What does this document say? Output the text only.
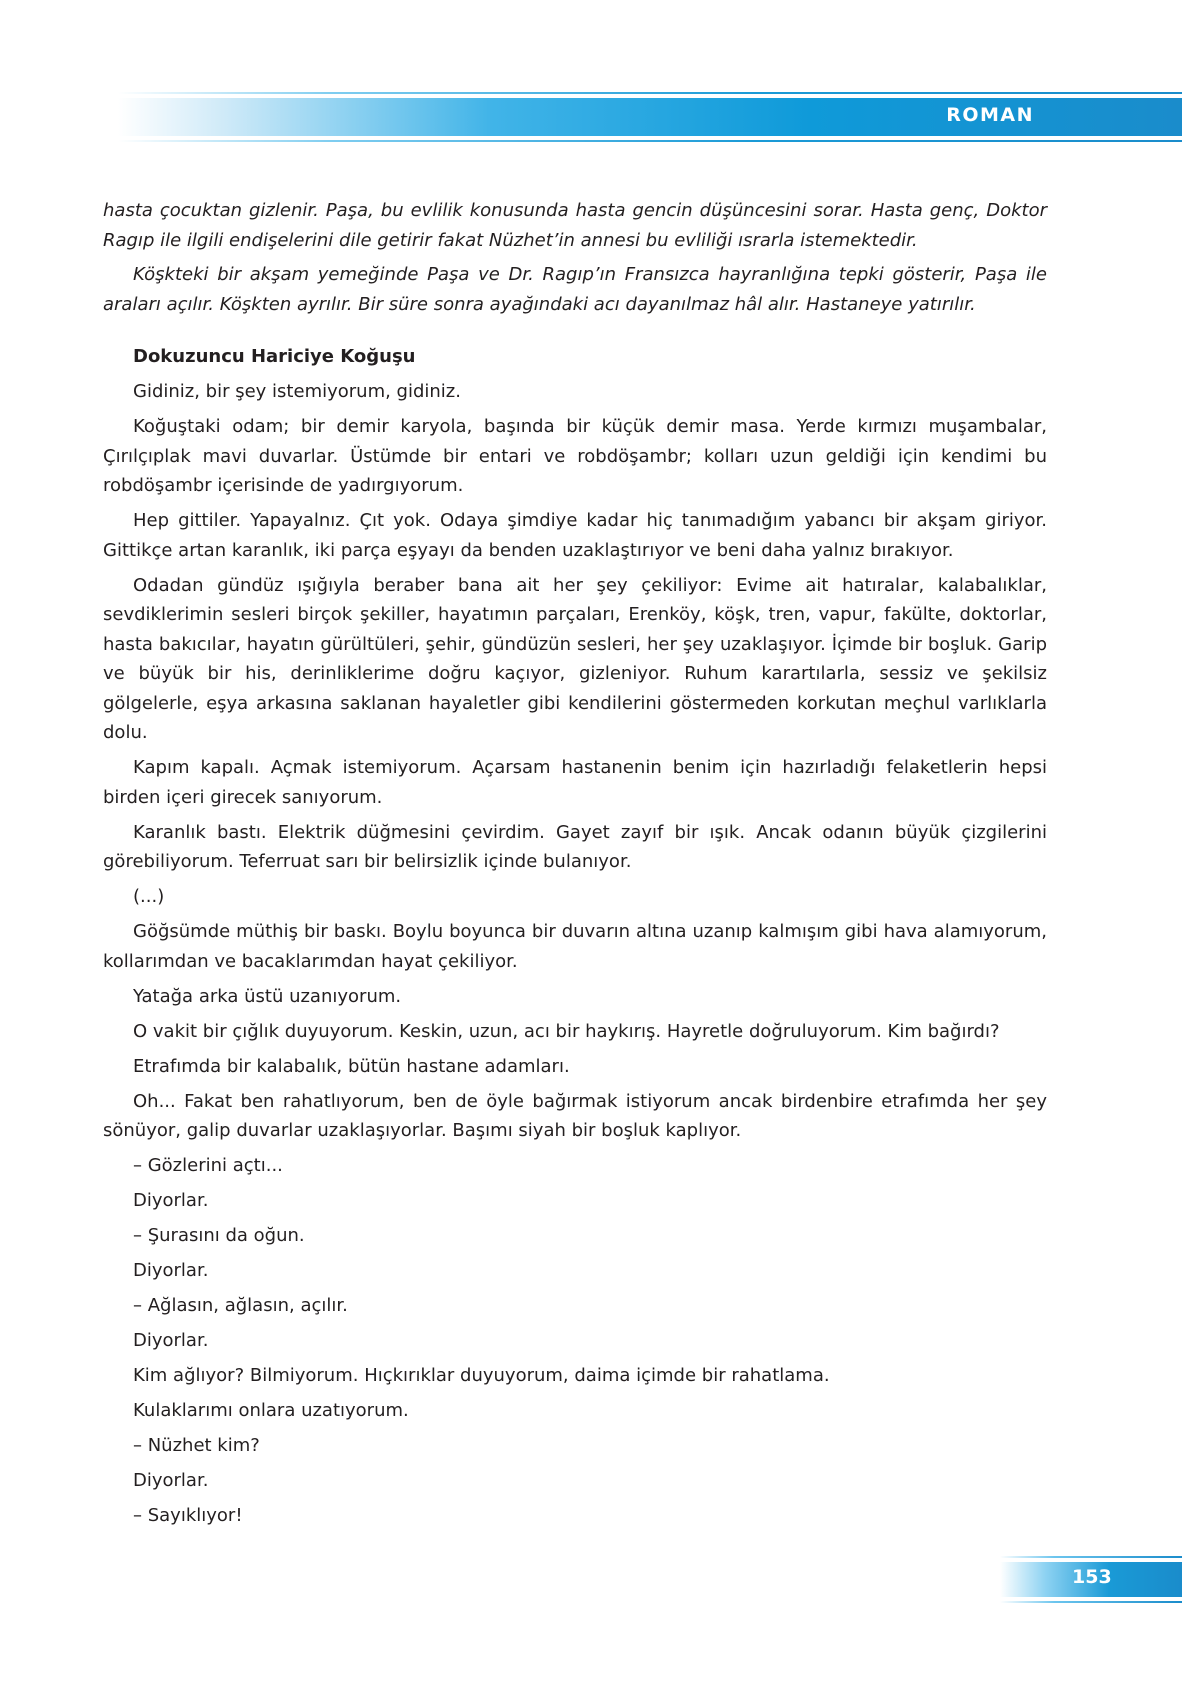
ROMAN

hasta çocuktan gizlenir. Paşa, bu evlilik konusunda hasta gencin düşüncesini sorar. Hasta genç, Doktor Ragıp ile ilgili endişelerini dile getirir fakat Nüzhet’in annesi bu evliliği ısrarla istemektedir.

Köşkteki bir akşam yemeğinde Paşa ve Dr. Ragıp’ın Fransızca hayranlığına tepki gösterir, Paşa ile araları açılır. Köşkten ayrılır. Bir süre sonra ayağındaki acı dayanılmaz hâl alır. Hastaneye yatırılır.

Dokuzuncu Hariciye Koğuşu

Gidiniz, bir şey istemiyorum, gidiniz.

Koğuştaki odam; bir demir karyola, başında bir küçük demir masa. Yerde kırmızı muşambalar, Çırılçıplak mavi duvarlar. Üstümde bir entari ve robdöşambr; kolları uzun geldiği için kendimi bu robdöşambr içerisinde de yadırgıyorum.

Hep gittiler. Yapayalnız. Çıt yok. Odaya şimdiye kadar hiç tanımadığım yabancı bir akşam giriyor. Gittikçe artan karanlık, iki parça eşyayı da benden uzaklaştırıyor ve beni daha yalnız bırakıyor.

Odadan gündüz ışığıyla beraber bana ait her şey çekiliyor: Evime ait hatıralar, kalabalıklar, sevdiklerimin sesleri birçok şekiller, hayatımın parçaları, Erenköy, köşk, tren, vapur, fakülte, doktorlar, hasta bakıcılar, hayatın gürültüleri, şehir, gündüzün sesleri, her şey uzaklaşıyor. İçimde bir boşluk. Garip ve büyük bir his, derinliklerime doğru kaçıyor, gizleniyor. Ruhum karartılarla, sessiz ve şekilsiz gölgelerle, eşya arkasına saklanan hayaletler gibi kendilerini göstermeden korkutan meçhul varlıklarla dolu.

Kapım kapalı. Açmak istemiyorum. Açarsam hastanenin benim için hazırladığı felaketlerin hepsi birden içeri girecek sanıyorum.

Karanlık bastı. Elektrik düğmesini çevirdim. Gayet zayıf bir ışık. Ancak odanın büyük çizgilerini görebiliyorum. Teferruat sarı bir belirsizlik içinde bulanıyor.

(...)

Göğsümde müthiş bir baskı. Boylu boyunca bir duvarın altına uzanıp kalmışım gibi hava alamıyorum, kollarımdan ve bacaklarımdan hayat çekiliyor.

Yatağa arka üstü uzanıyorum.

O vakit bir çığlık duyuyorum. Keskin, uzun, acı bir haykırış. Hayretle doğruluyorum. Kim bağırdı?

Etrafımda bir kalabalık, bütün hastane adamları.

Oh... Fakat ben rahatlıyorum, ben de öyle bağırmak istiyorum ancak birdenbire etrafımda her şey sönüyor, galip duvarlar uzaklaşıyorlar. Başımı siyah bir boşluk kaplıyor.

– Gözlerini açtı...

Diyorlar.

– Şurasını da oğun.

Diyorlar.

– Ağlasın, ağlasın, açılır.

Diyorlar.

Kim ağlıyor? Bilmiyorum. Hıçkırıklar duyuyorum, daima içimde bir rahatlama.

Kulaklarımı onlara uzatıyorum.

– Nüzhet kim?

Diyorlar.

– Sayıklıyor!

153
